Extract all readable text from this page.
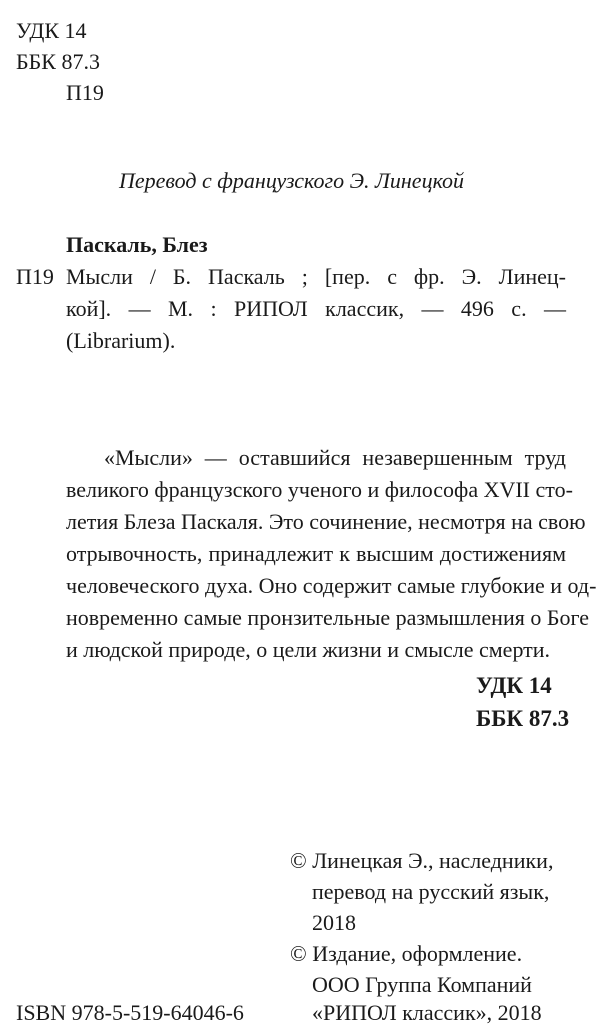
УДК 14
ББК 87.3
П19
Перевод с французского Э. Линецкой
Паскаль, Блез
П19 Мысли / Б. Паскаль ; [пер. с фр. Э. Линец-
кой]. — М. : РИПОЛ классик, — 496 с. —
(Librarium).
«Мысли» — оставшийся незавершенным труд
великого французского ученого и философа XVII сто-
летия Блеза Паскаля. Это сочинение, несмотря на свою
отрывочность, принадлежит к высшим достижениям
человеческого духа. Оно содержит самые глубокие и од-
новременно самые пронзительные размышления о Боге
и людской природе, о цели жизни и смысле смерти.
УДК 14
ББК 87.3
© Линецкая Э., наследники,
перевод на русский язык,
2018
© Издание, оформление.
ООО Группа Компаний
«РИПОЛ классик», 2018
ISBN 978-5-519-64046-6
